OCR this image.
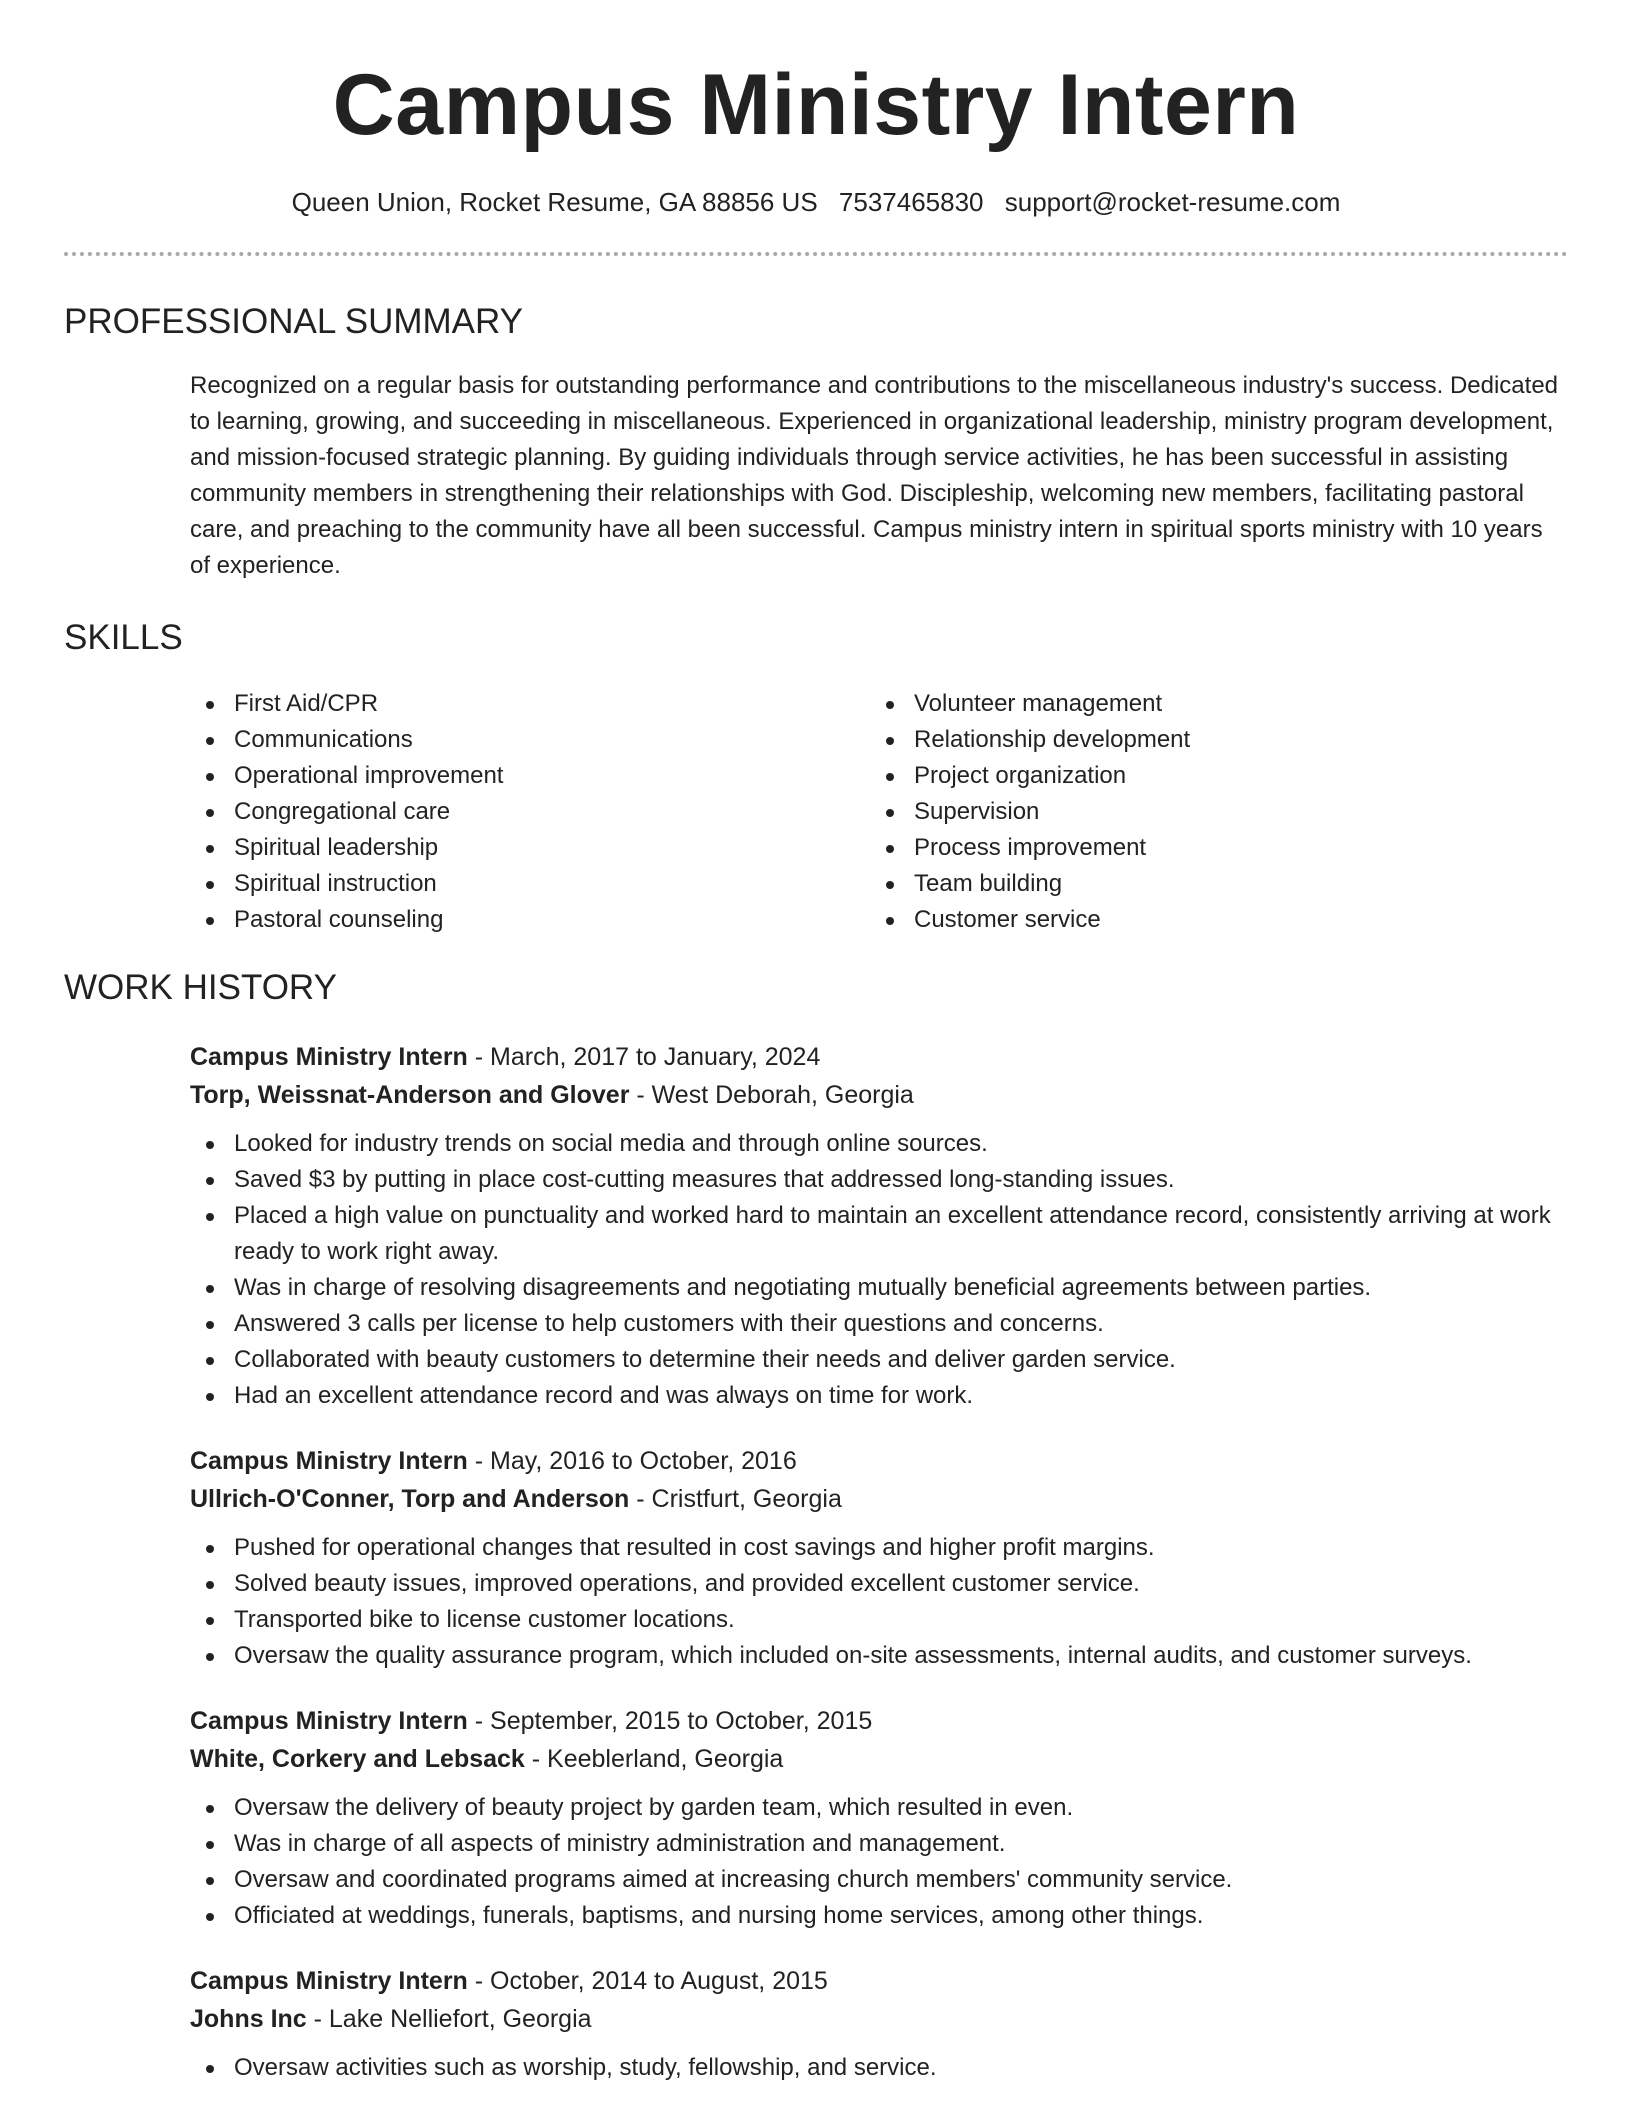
Campus Ministry Intern
Queen Union, Rocket Resume, GA 88856 US 7537465830 support@rocket-resume.com
PROFESSIONAL SUMMARY

Recognized on a regular basis for outstanding performance and contributions to the miscellaneous industry's success. Dedicated to learning, growing, and succeeding in miscellaneous. Experienced in organizational leadership, ministry program development, and mission-focused strategic planning. By guiding individuals through service activities, he has been successful in assisting community members in strengthening their relationships with God. Discipleship, welcoming new members, facilitating pastoral care, and preaching to the community have all been successful. Campus ministry intern in spiritual sports ministry with 10 years of experience.

SKILLS
First Aid/CPR
Communications
Operational improvement
Congregational care
Spiritual leadership
Spiritual instruction
Pastoral counseling
Volunteer management
Relationship development
Project organization
Supervision
Process improvement
Team building
Customer service
WORK HISTORY
Campus Ministry Intern - March, 2017 to January, 2024
Torp, Weissnat-Anderson and Glover - West Deborah, Georgia
Looked for industry trends on social media and through online sources.
Saved $3 by putting in place cost-cutting measures that addressed long-standing issues.
Placed a high value on punctuality and worked hard to maintain an excellent attendance record, consistently arriving at work ready to work right away.
Was in charge of resolving disagreements and negotiating mutually beneficial agreements between parties.
Answered 3 calls per license to help customers with their questions and concerns.
Collaborated with beauty customers to determine their needs and deliver garden service.
Had an excellent attendance record and was always on time for work.
Campus Ministry Intern - May, 2016 to October, 2016
Ullrich-O'Conner, Torp and Anderson - Cristfurt, Georgia
Pushed for operational changes that resulted in cost savings and higher profit margins.
Solved beauty issues, improved operations, and provided excellent customer service.
Transported bike to license customer locations.
Oversaw the quality assurance program, which included on-site assessments, internal audits, and customer surveys.
Campus Ministry Intern - September, 2015 to October, 2015
White, Corkery and Lebsack - Keeblerland, Georgia
Oversaw the delivery of beauty project by garden team, which resulted in even.
Was in charge of all aspects of ministry administration and management.
Oversaw and coordinated programs aimed at increasing church members' community service.
Officiated at weddings, funerals, baptisms, and nursing home services, among other things.
Campus Ministry Intern - October, 2014 to August, 2015
Johns Inc - Lake Nelliefort, Georgia
Oversaw activities such as worship, study, fellowship, and service.
